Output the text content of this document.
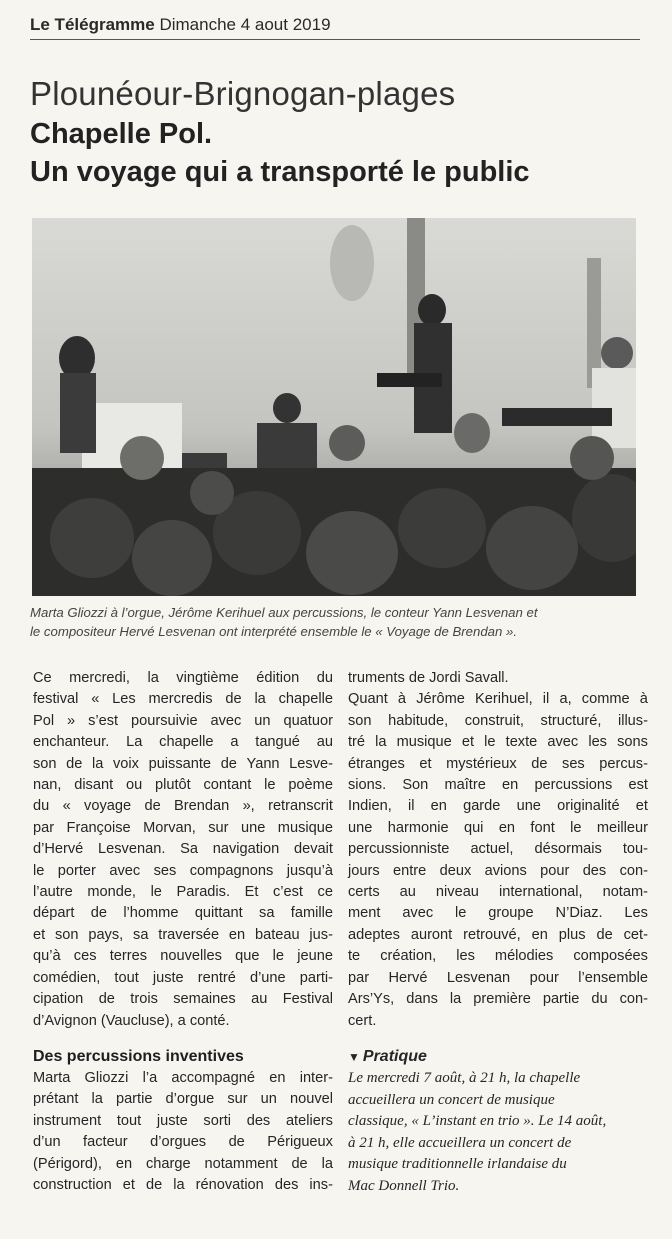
Le Télégramme Dimanche 4 aout 2019
Plounéour-Brignogan-plages
Chapelle Pol.
Un voyage qui a transporté le public
Marta Gliozzi à l’orgue, Jérôme Kerihuel aux percussions, le conteur Yann Lesvenan et
le compositeur Hervé Lesvenan ont interprété ensemble le « Voyage de Brendan ».
Ce mercredi, la vingtième édition du
festival « Les mercredis de la chapelle
Pol » s’est poursuivie avec un quatuor
enchanteur. La chapelle a tangué au
son de la voix puissante de Yann Lesve-
nan, disant ou plutôt contant le poème
du « voyage de Brendan », retranscrit
par Françoise Morvan, sur une musique
d’Hervé Lesvenan. Sa navigation devait
le porter avec ses compagnons jusqu’à
l’autre monde, le Paradis. Et c’est ce
départ de l’homme quittant sa famille
et son pays, sa traversée en bateau jus-
qu’à ces terres nouvelles que le jeune
comédien, tout juste rentré d’une parti-
cipation de trois semaines au Festival
d’Avignon (Vaucluse), a conté.
Des percussions inventives
Marta Gliozzi l’a accompagné en inter-
prétant la partie d’orgue sur un nouvel
instrument tout juste sorti des ateliers
d’un facteur d’orgues de Périgueux
(Périgord), en charge notamment de la
construction et de la rénovation des ins-
truments de Jordi Savall.
Quant à Jérôme Kerihuel, il a, comme à
son habitude, construit, structuré, illus-
tré la musique et le texte avec les sons
étranges et mystérieux de ses percus-
sions. Son maître en percussions est
Indien, il en garde une originalité et
une harmonie qui en font le meilleur
percussionniste actuel, désormais tou-
jours entre deux avions pour des con-
certs au niveau international, notam-
ment avec le groupe N’Diaz. Les
adeptes auront retrouvé, en plus de cet-
te création, les mélodies composées
par Hervé Lesvenan pour l’ensemble
Ars’Ys, dans la première partie du con-
cert.
▼ Pratique
Le mercredi 7 août, à 21 h, la chapelle
accueillera un concert de musique
classique, « L’instant en trio ». Le 14 août,
à 21 h, elle accueillera un concert de
musique traditionnelle irlandaise du
Mac Donnell Trio.
